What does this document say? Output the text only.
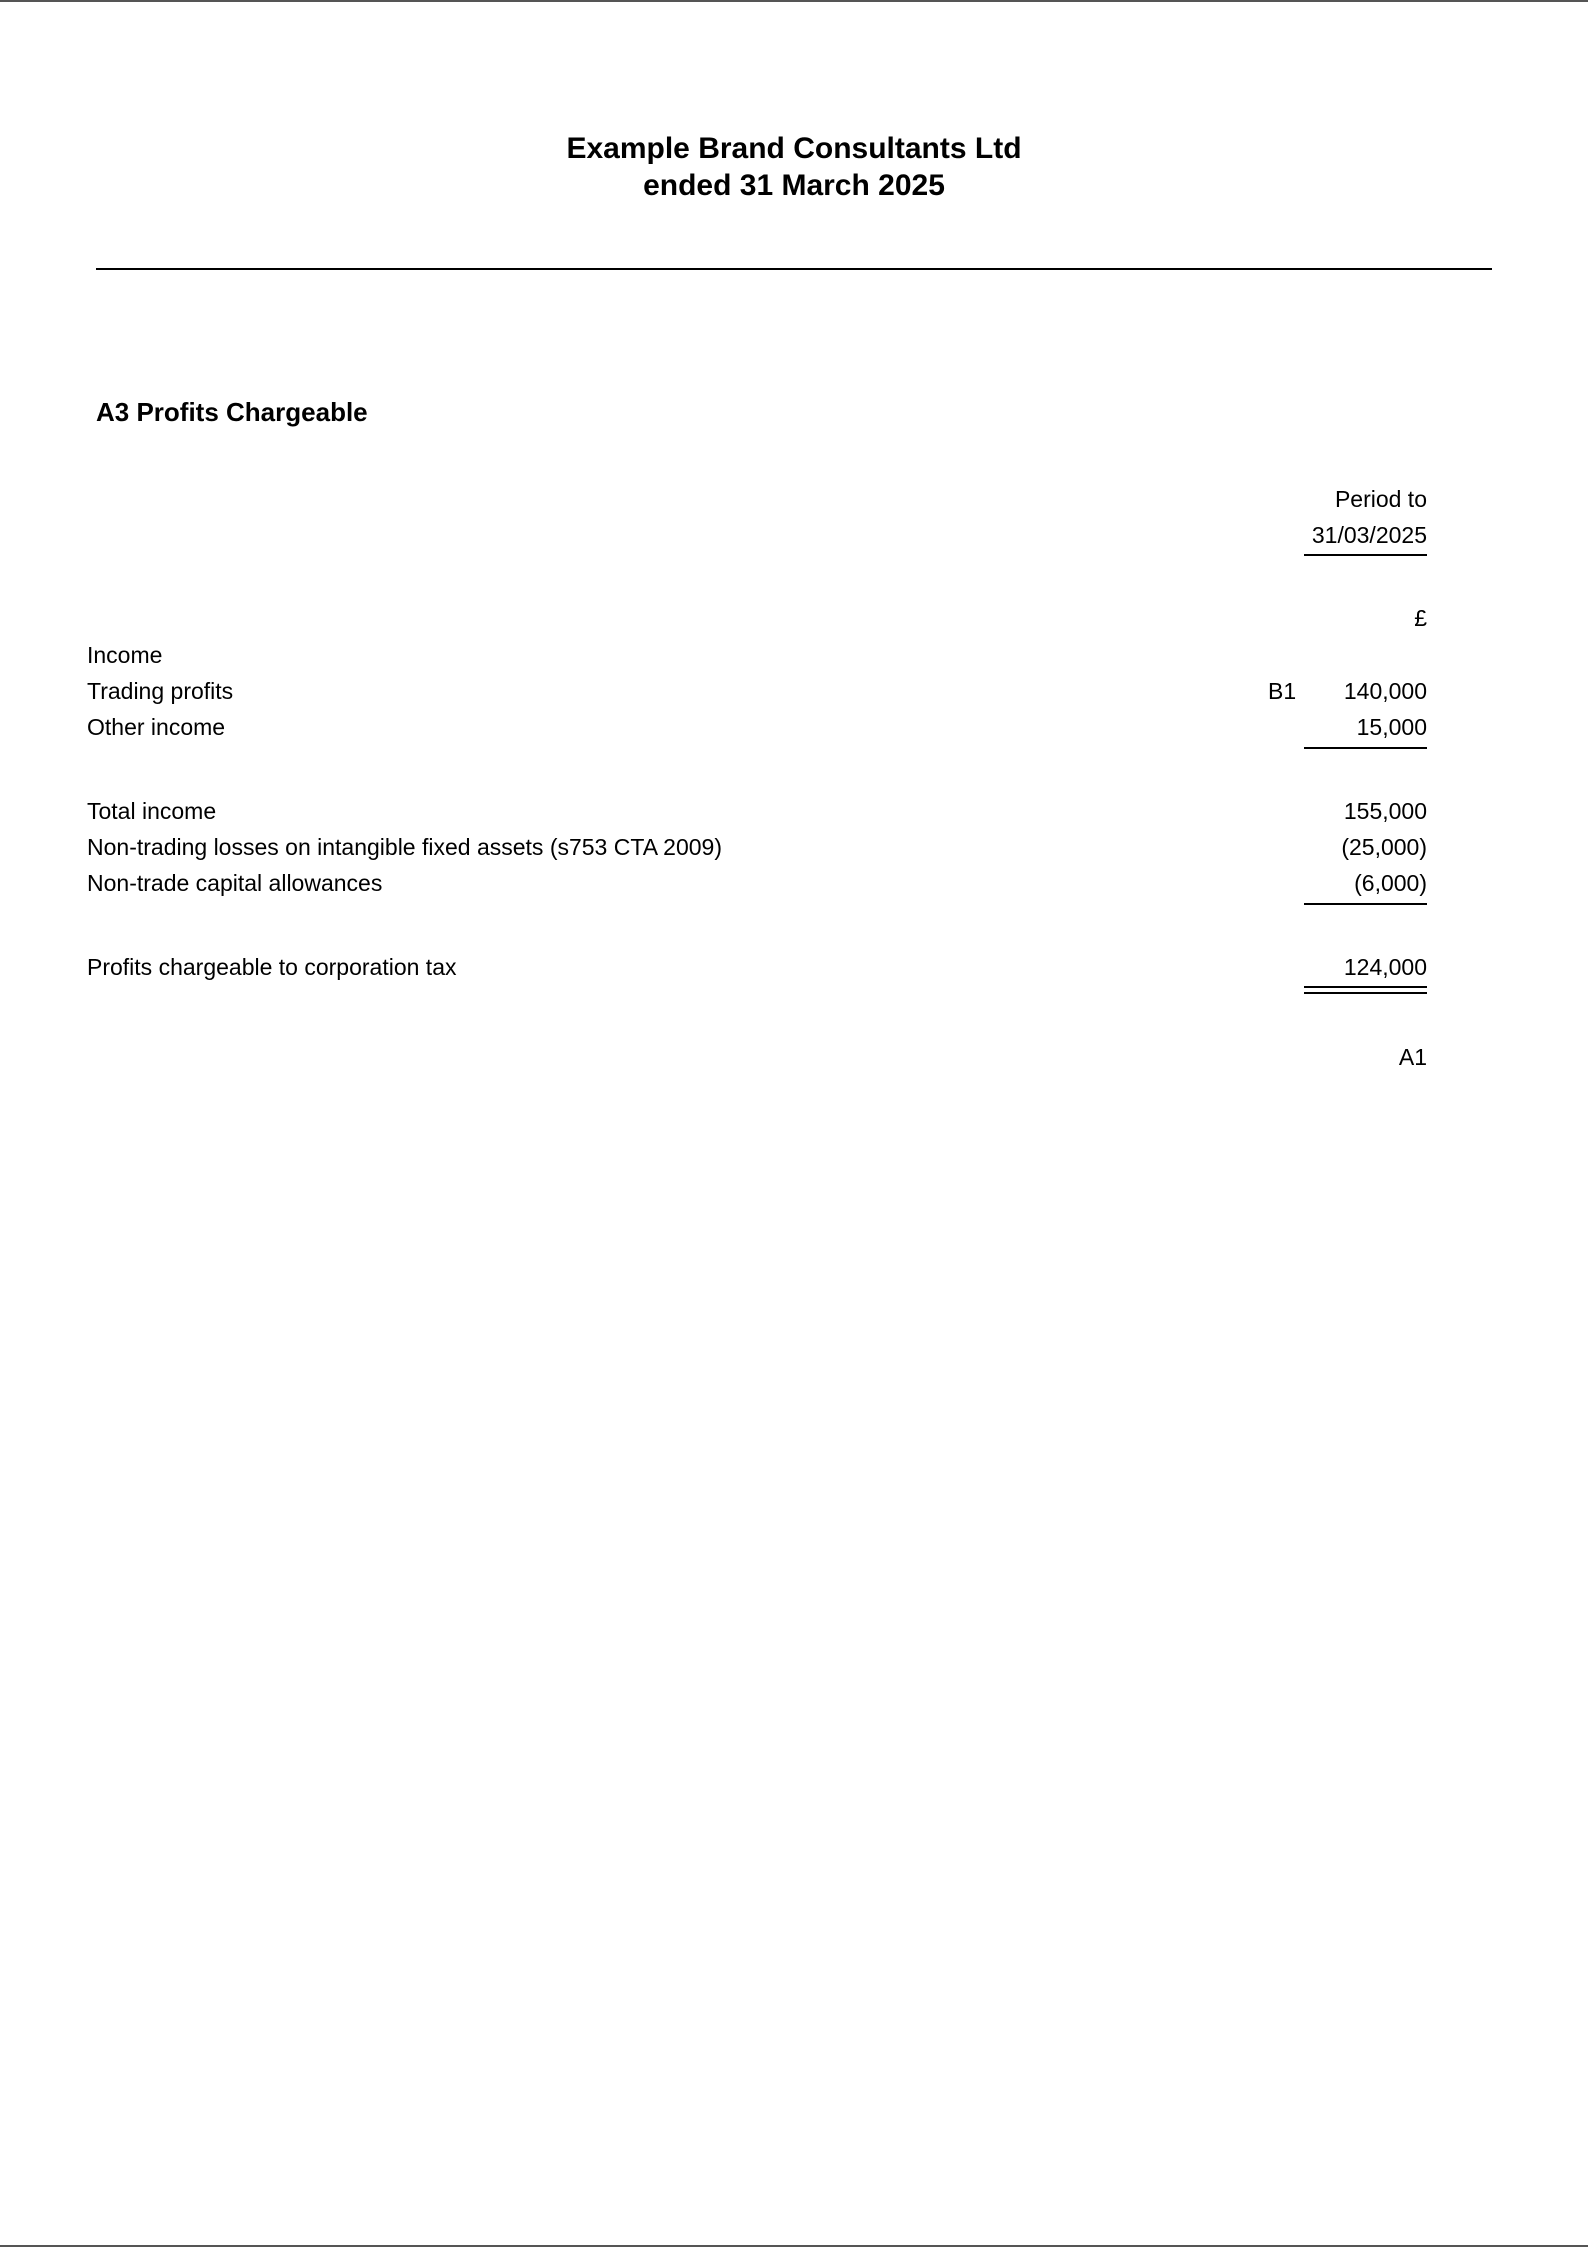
Example Brand Consultants Ltd
ended 31 March 2025
A3 Profits Chargeable
Period to
31/03/2025
£
Income
Trading profits	B1 140,000
Other income	15,000
Total income	155,000
Non-trading losses on intangible fixed assets (s753 CTA 2009)	(25,000)
Non-trade capital allowances	(6,000)
Profits chargeable to corporation tax	124,000
A1
